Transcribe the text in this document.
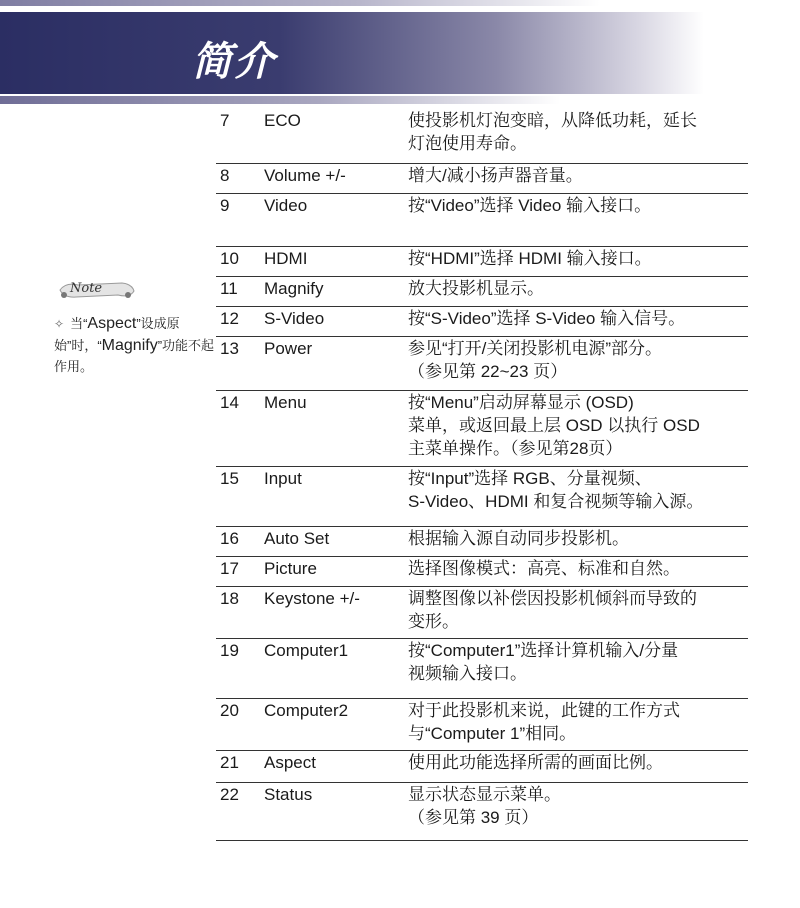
简介
Note
✧ 当“Aspect”设成原始”时，“Magnify”功能不起作用。
7	ECO	使投影机灯泡变暗，从降低功耗，延长
灯泡使用寿命。

8	Volume +/-	增大/减小扬声器音量。

9	Video	按“Video”选择 Video 输入接口。

10	HDMI	按“HDMI”选择 HDMI 输入接口。

11	Magnify	放大投影机显示。

12	S-Video	按“S-Video”选择 S-Video 输入信号。

13	Power	参见“打开/关闭投影机电源”部分。
（参见第 22~23 页）

14	Menu	按“Menu”启动屏幕显示 (OSD)
菜单，或返回最上层 OSD 以执行 OSD
主菜单操作。（参见第28页）

15	Input	按“Input”选择 RGB、分量视频、
S-Video、HDMI 和复合视频等输入源。

16	Auto Set	根据输入源自动同步投影机。

17	Picture	选择图像模式：高亮、标准和自然。

18	Keystone +/-	调整图像以补偿因投影机倾斜而导致的
变形。

19	Computer1	按“Computer1”选择计算机输入/分量
视频输入接口。

20	Computer2	对于此投影机来说，此键的工作方式
与“Computer 1”相同。

21	Aspect	使用此功能选择所需的画面比例。

22	Status	显示状态显示菜单。
（参见第 39 页）
